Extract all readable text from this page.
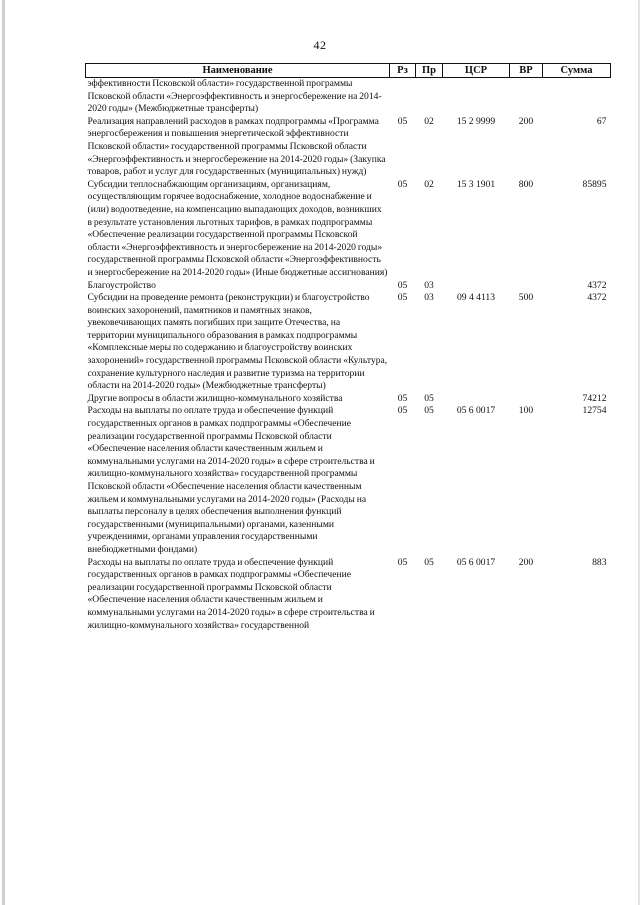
42
Наименование	Рз	Пр	ЦСР	ВР	Сумма
эффективности Псковской области» государственной программы Псковской области «Энергоэффективность и энергосбережение на 2014-2020 годы» (Межбюджетные трансферты)					
Реализация направлений расходов в рамках подпрограммы «Программа энергосбережения и повышения энергетической эффективности Псковской области» государственной программы Псковской области «Энергоэффективность и энергосбережение на 2014-2020 годы» (Закупка товаров, работ и услуг для государственных (муниципальных) нужд)	05	02	15 2 9999	200	67
Субсидии теплоснабжающим организациям, организациям, осуществляющим горячее водоснабжение, холодное водоснабжение и (или) водоотведение, на компенсацию выпадающих доходов, возникших в результате установления льготных тарифов, в рамках подпрограммы «Обеспечение реализации государственной программы Псковской области «Энергоэффективность и энергосбережение на 2014-2020 годы» государственной программы Псковской области «Энергоэффективность и энергосбережение на 2014-2020 годы» (Иные бюджетные ассигнования)	05	02	15 3 1901	800	85895
Благоустройство	05	03			4372
Субсидии на проведение ремонта (реконструкции) и благоустройство воинских захоронений, памятников и памятных знаков, увековечивающих память погибших при защите Отечества, на территории муниципального образования в рамках подпрограммы «Комплексные меры по содержанию и благоустройству воинских захоронений» государственной программы Псковской области «Культура, сохранение культурного наследия и развитие туризма на территории области на 2014-2020 годы» (Межбюджетные трансферты)	05	03	09 4 4113	500	4372
Другие вопросы в области жилищно-коммунального хозяйства	05	05			74212
Расходы на выплаты по оплате труда и обеспечение функций государственных органов в рамках подпрограммы «Обеспечение реализации государственной программы Псковской области «Обеспечение населения области качественным жильем и коммунальными услугами на 2014-2020 годы» в сфере строительства и жилищно-коммунального хозяйства» государственной программы Псковской области «Обеспечение населения области качественным жильем и коммунальными услугами на 2014-2020 годы» (Расходы на выплаты персоналу в целях обеспечения выполнения функций государственными (муниципальными) органами, казенными учреждениями, органами управления государственными внебюджетными фондами)	05	05	05 6 0017	100	12754
Расходы на выплаты по оплате труда и обеспечение функций государственных органов в рамках подпрограммы «Обеспечение реализации государственной программы Псковской области «Обеспечение населения области качественным жильем и коммунальными услугами на 2014-2020 годы» в сфере строительства и жилищно-коммунального хозяйства» государственной	05	05	05 6 0017	200	883
